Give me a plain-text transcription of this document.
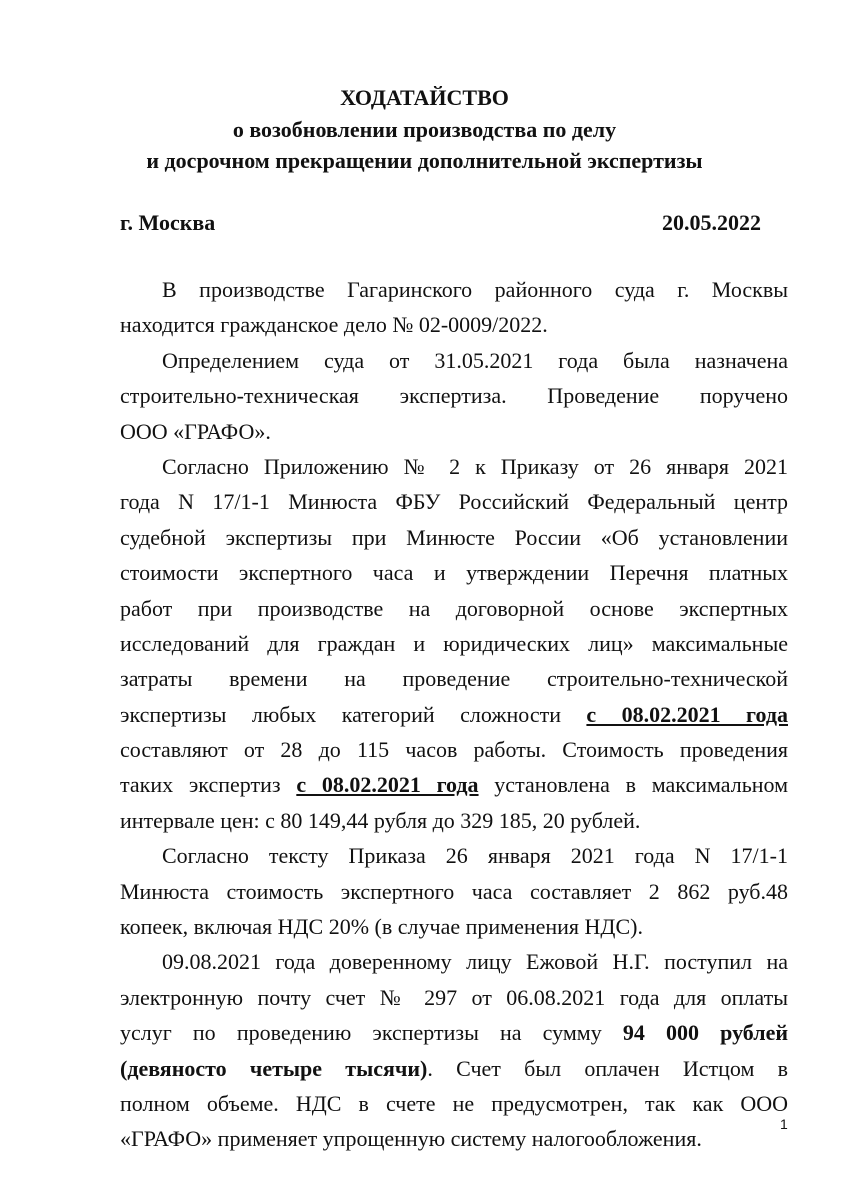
ХОДАТАЙСТВО
о возобновлении производства по делу
и досрочном прекращении дополнительной экспертизы
г. Москва	20.05.2022
В производстве Гагаринского районного суда г. Москвы
находится гражданское дело № 02-0009/2022.
Определением суда от 31.05.2021 года была назначена
строительно-техническая экспертиза. Проведение поручено
ООО «ГРАФО».
Согласно Приложению № 2 к Приказу от 26 января 2021
года N 17/1-1 Минюста ФБУ Российский Федеральный центр
судебной экспертизы при Минюсте России «Об установлении
стоимости экспертного часа и утверждении Перечня платных
работ при производстве на договорной основе экспертных
исследований для граждан и юридических лиц» максимальные
затраты времени на проведение строительно-технической
экспертизы любых категорий сложности с 08.02.2021 года
составляют от 28 до 115 часов работы. Стоимость проведения
таких экспертиз с 08.02.2021 года установлена в максимальном
интервале цен: с 80 149,44 рубля до 329 185, 20 рублей.
Согласно тексту Приказа 26 января 2021 года N 17/1-1
Минюста стоимость экспертного часа составляет 2 862 руб.48
копеек, включая НДС 20% (в случае применения НДС).
09.08.2021 года доверенному лицу Ежовой Н.Г. поступил на
электронную почту счет № 297 от 06.08.2021 года для оплаты
услуг по проведению экспертизы на сумму 94 000 рублей
(девяносто четыре тысячи). Счет был оплачен Истцом в
полном объеме. НДС в счете не предусмотрен, так как ООО
«ГРАФО» применяет упрощенную систему налогообложения.
1
